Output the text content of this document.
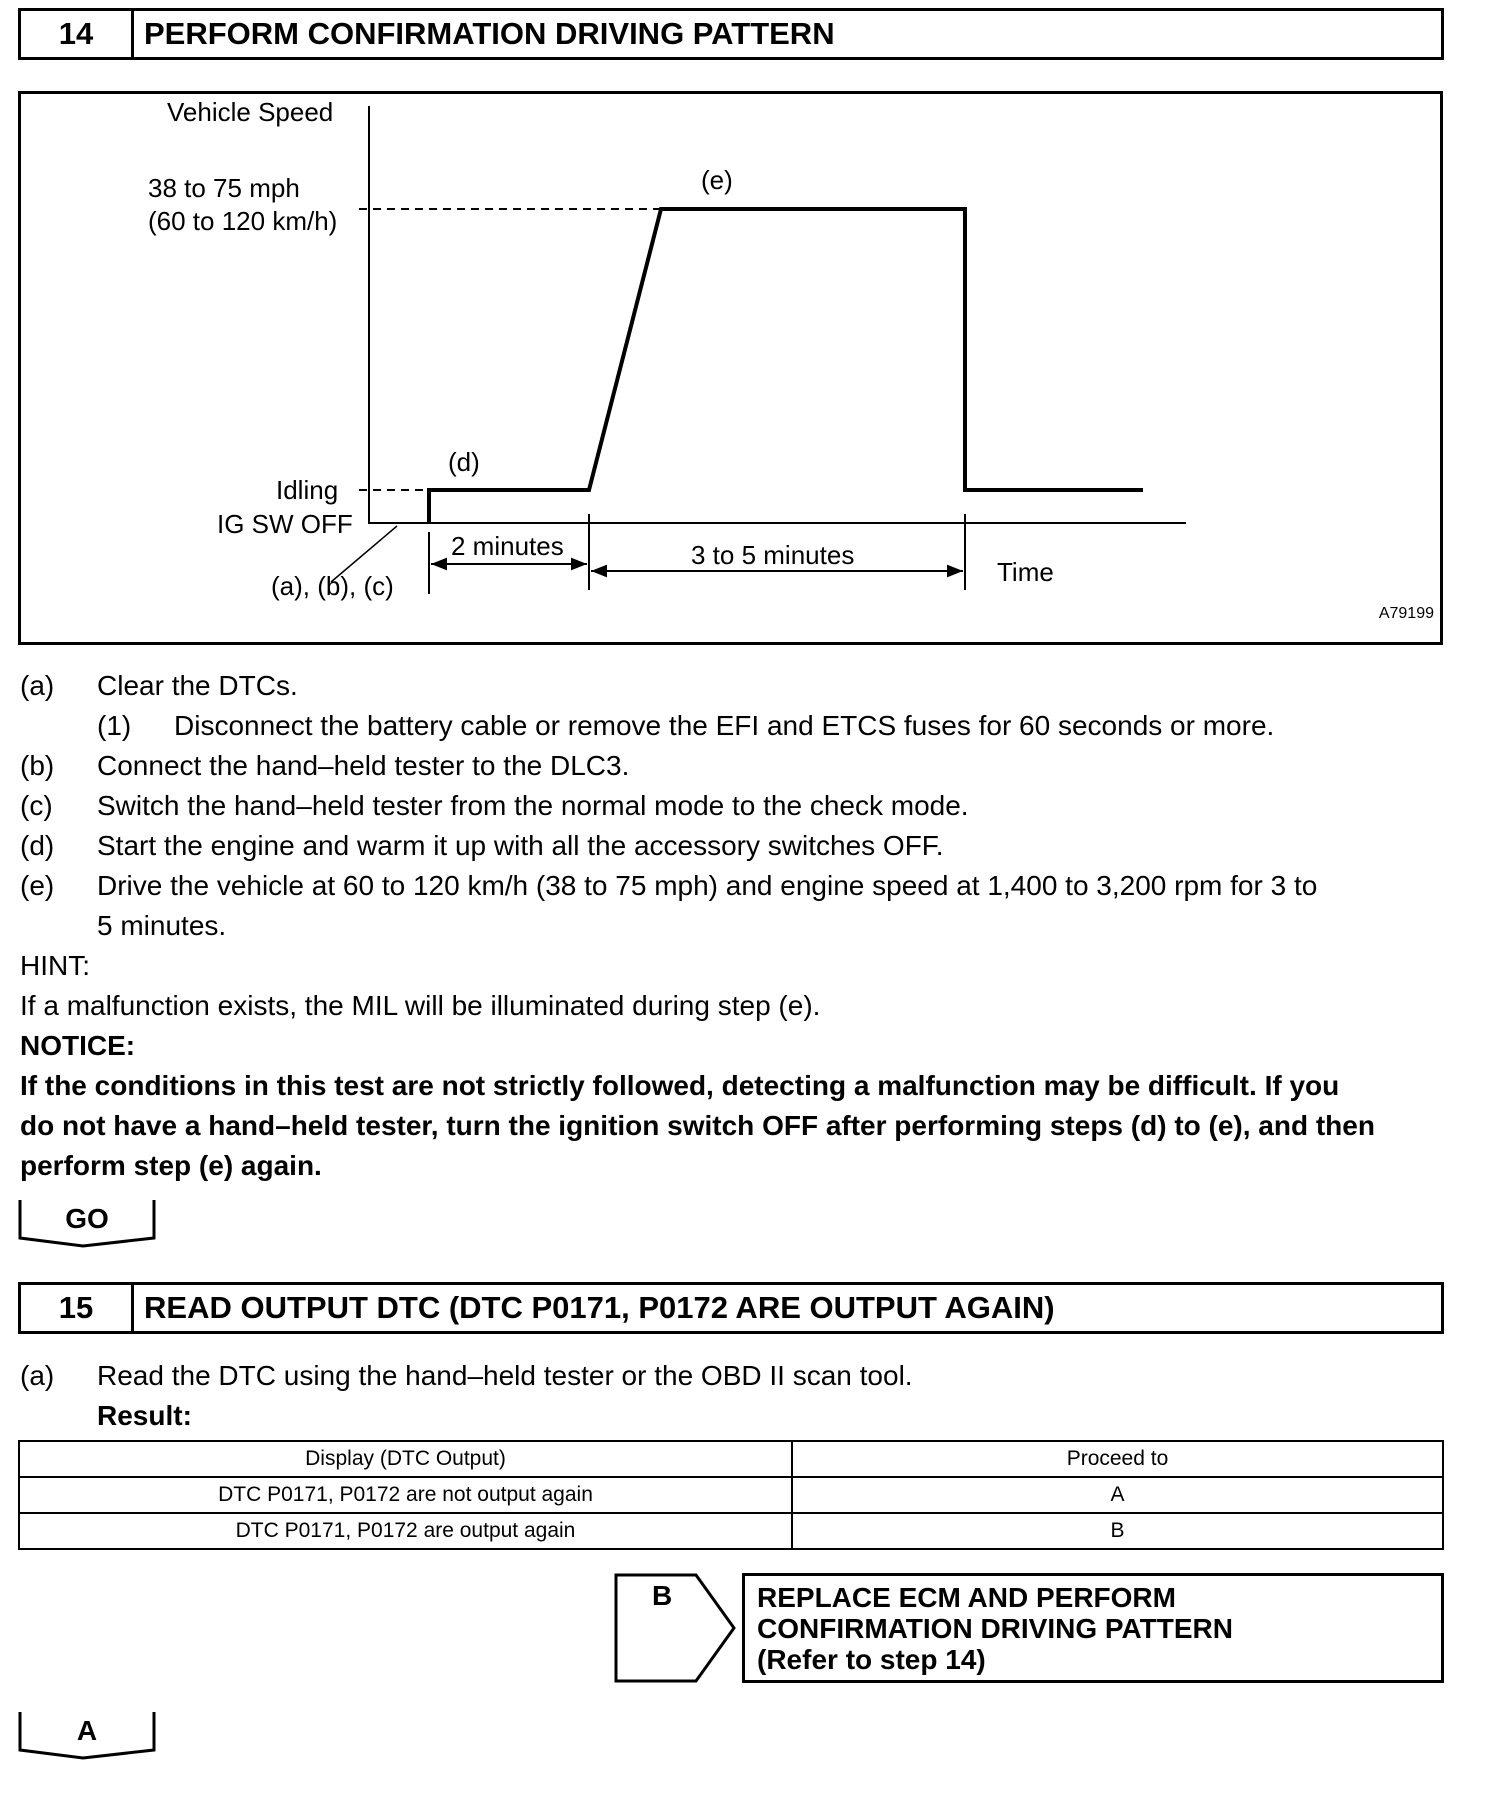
14	PERFORM CONFIRMATION DRIVING PATTERN
Vehicle Speed
38 to 75 mph
(60 to 120 km/h)
(e)
(d)
Idling
IG SW OFF
2 minutes	3 to 5 minutes
Time
(a), (b), (c)
A79199
(a) Clear the DTCs.
(1) Disconnect the battery cable or remove the EFI and ETCS fuses for 60 seconds or more.
(b) Connect the hand–held tester to the DLC3.
(c) Switch the hand–held tester from the normal mode to the check mode.
(d) Start the engine and warm it up with all the accessory switches OFF.
(e) Drive the vehicle at 60 to 120 km/h (38 to 75 mph) and engine speed at 1,400 to 3,200 rpm for 3 to
5 minutes.
HINT:
If a malfunction exists, the MIL will be illuminated during step (e).
NOTICE:
If the conditions in this test are not strictly followed, detecting a malfunction may be difficult. If you
do not have a hand–held tester, turn the ignition switch OFF after performing steps (d) to (e), and then
perform step (e) again.
GO
15	READ OUTPUT DTC (DTC P0171, P0172 ARE OUTPUT AGAIN)
(a) Read the DTC using the hand–held tester or the OBD II scan tool.
Result:
Display (DTC Output)	Proceed to
DTC P0171, P0172 are not output again	A
DTC P0171, P0172 are output again	B
B	REPLACE ECM AND PERFORM
CONFIRMATION DRIVING PATTERN
(Refer to step 14)
A
